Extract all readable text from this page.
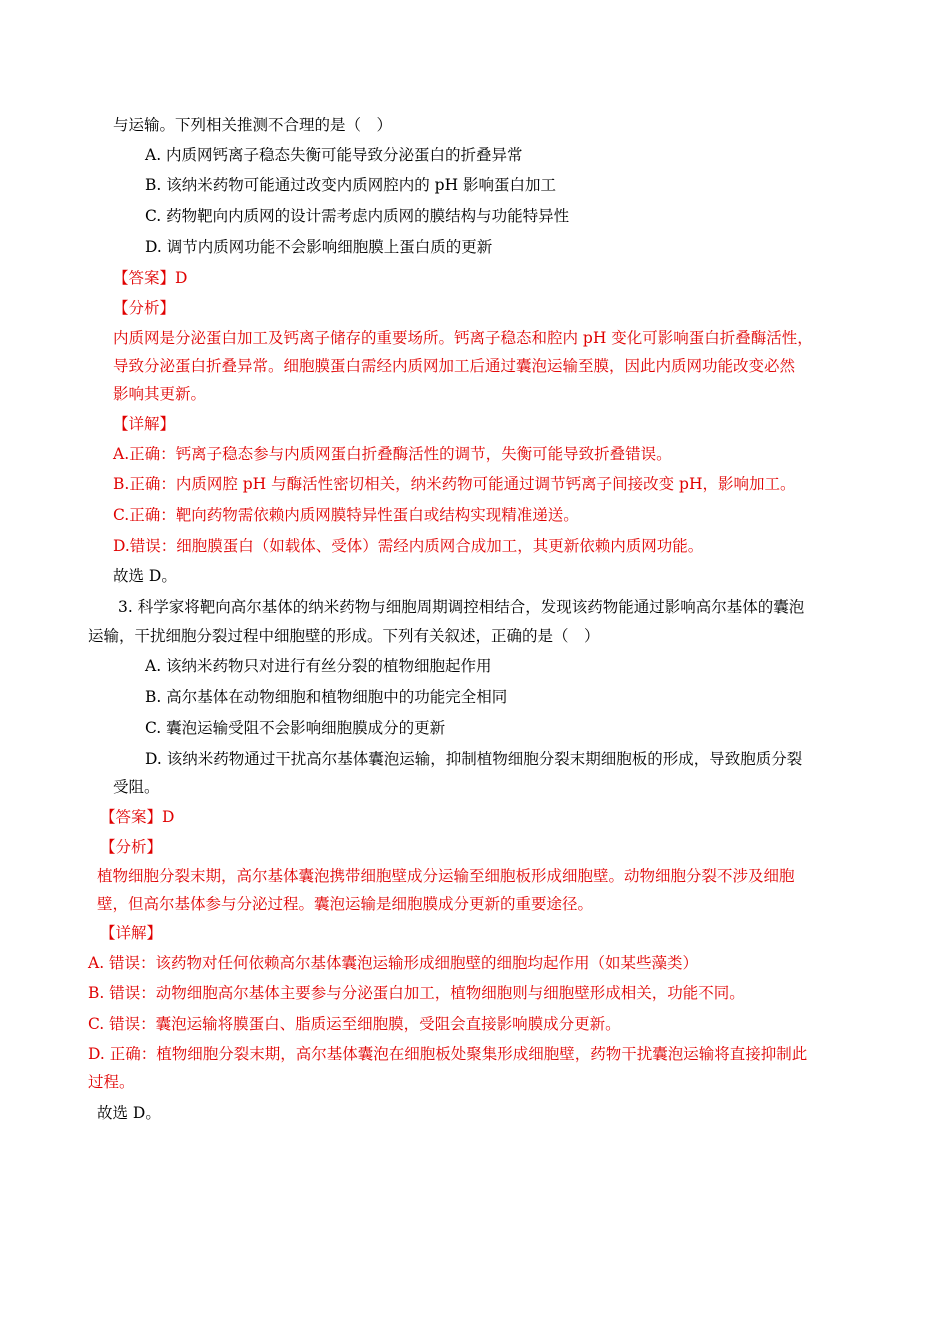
与运输。下列相关推测不合理的是（　）
A. 内质网钙离子稳态失衡可能导致分泌蛋白的折叠异常
B. 该纳米药物可能通过改变内质网腔内的 pH 影响蛋白加工
C. 药物靶向内质网的设计需考虑内质网的膜结构与功能特异性
D. 调节内质网功能不会影响细胞膜上蛋白质的更新
【答案】D
【分析】
内质网是分泌蛋白加工及钙离子储存的重要场所。钙离子稳态和腔内 pH 变化可影响蛋白折叠酶活性，
导致分泌蛋白折叠异常。细胞膜蛋白需经内质网加工后通过囊泡运输至膜，因此内质网功能改变必然
影响其更新。
【详解】
A.正确：钙离子稳态参与内质网蛋白折叠酶活性的调节，失衡可能导致折叠错误。
B.正确：内质网腔 pH 与酶活性密切相关，纳米药物可能通过调节钙离子间接改变 pH，影响加工。
C.正确：靶向药物需依赖内质网膜特异性蛋白或结构实现精准递送。
D.错误：细胞膜蛋白（如载体、受体）需经内质网合成加工，其更新依赖内质网功能。
故选 D。
3. 科学家将靶向高尔基体的纳米药物与细胞周期调控相结合，发现该药物能通过影响高尔基体的囊泡
运输，干扰细胞分裂过程中细胞壁的形成。下列有关叙述，正确的是（　）
A. 该纳米药物只对进行有丝分裂的植物细胞起作用
B. 高尔基体在动物细胞和植物细胞中的功能完全相同
C. 囊泡运输受阻不会影响细胞膜成分的更新
D. 该纳米药物通过干扰高尔基体囊泡运输，抑制植物细胞分裂末期细胞板的形成，导致胞质分裂
受阻。
【答案】D
【分析】
植物细胞分裂末期，高尔基体囊泡携带细胞壁成分运输至细胞板形成细胞壁。动物细胞分裂不涉及细胞
壁，但高尔基体参与分泌过程。囊泡运输是细胞膜成分更新的重要途径。
【详解】
A. 错误：该药物对任何依赖高尔基体囊泡运输形成细胞壁的细胞均起作用（如某些藻类）
B. 错误：动物细胞高尔基体主要参与分泌蛋白加工，植物细胞则与细胞壁形成相关，功能不同。
C. 错误：囊泡运输将膜蛋白、脂质运至细胞膜，受阻会直接影响膜成分更新。
D. 正确：植物细胞分裂末期，高尔基体囊泡在细胞板处聚集形成细胞壁，药物干扰囊泡运输将直接抑制此
过程。
故选 D。
